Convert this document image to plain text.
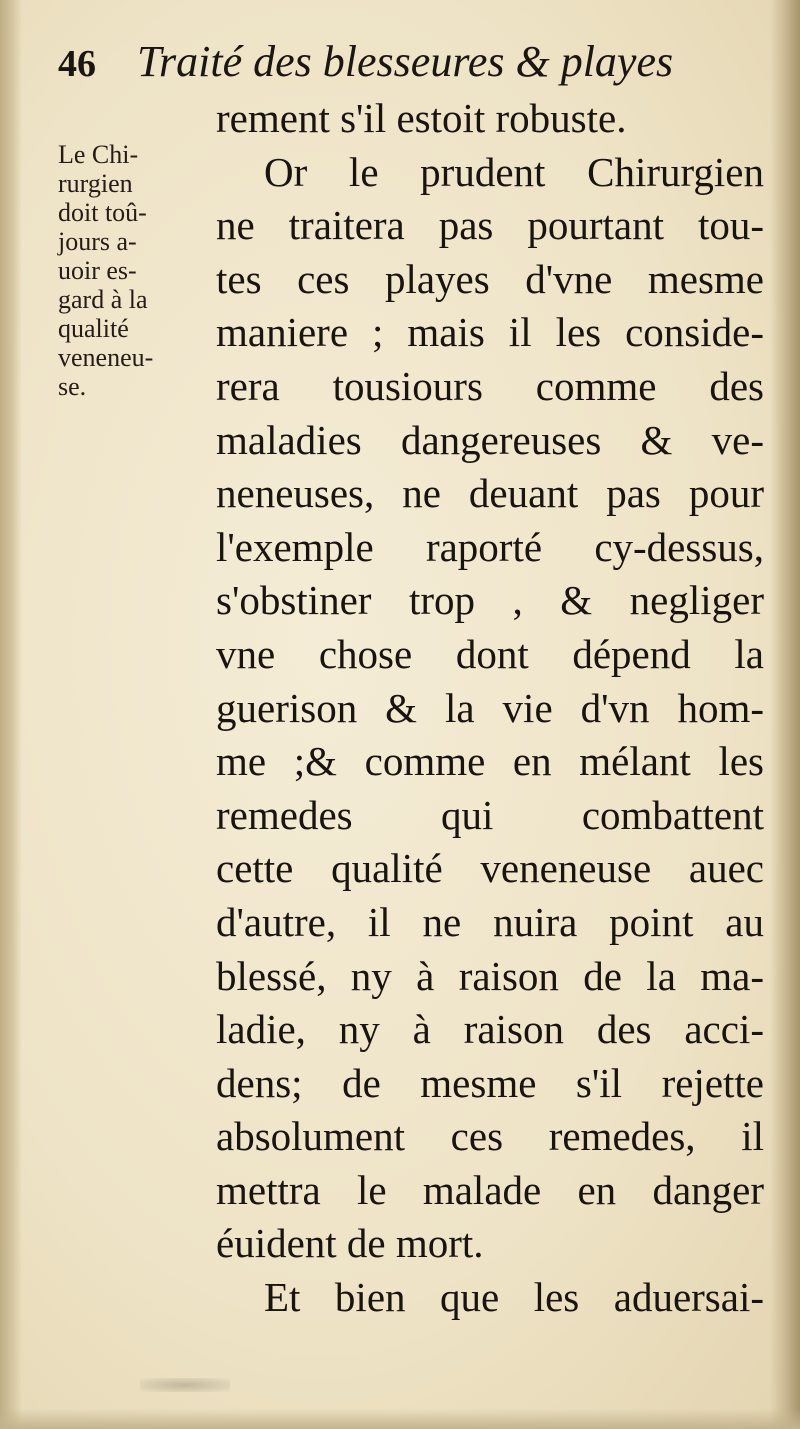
46 Traité des blesseures & playes
Le Chi-
rurgien
doit toû-
jours a-
uoir es-
gard à la
qualité
veneneu-
se.
rement s'il estoit robuste.
Or le prudent Chirurgien
ne traitera pas pourtant tou-
tes ces playes d'vne mesme
maniere ; mais il les conside-
rera tousiours comme des
maladies dangereuses & ve-
neneuses, ne deuant pas pour
l'exemple raporté cy-dessus,
s'obstiner trop , & negliger
vne chose dont dépend la
guerison & la vie d'vn hom-
me ;& comme en mélant les
remedes qui combattent
cette qualité veneneuse auec
d'autre, il ne nuira point au
blessé, ny à raison de la ma-
ladie, ny à raison des acci-
dens; de mesme s'il rejette
absolument ces remedes, il
mettra le malade en danger
éuident de mort.
Et bien que les aduersai-
